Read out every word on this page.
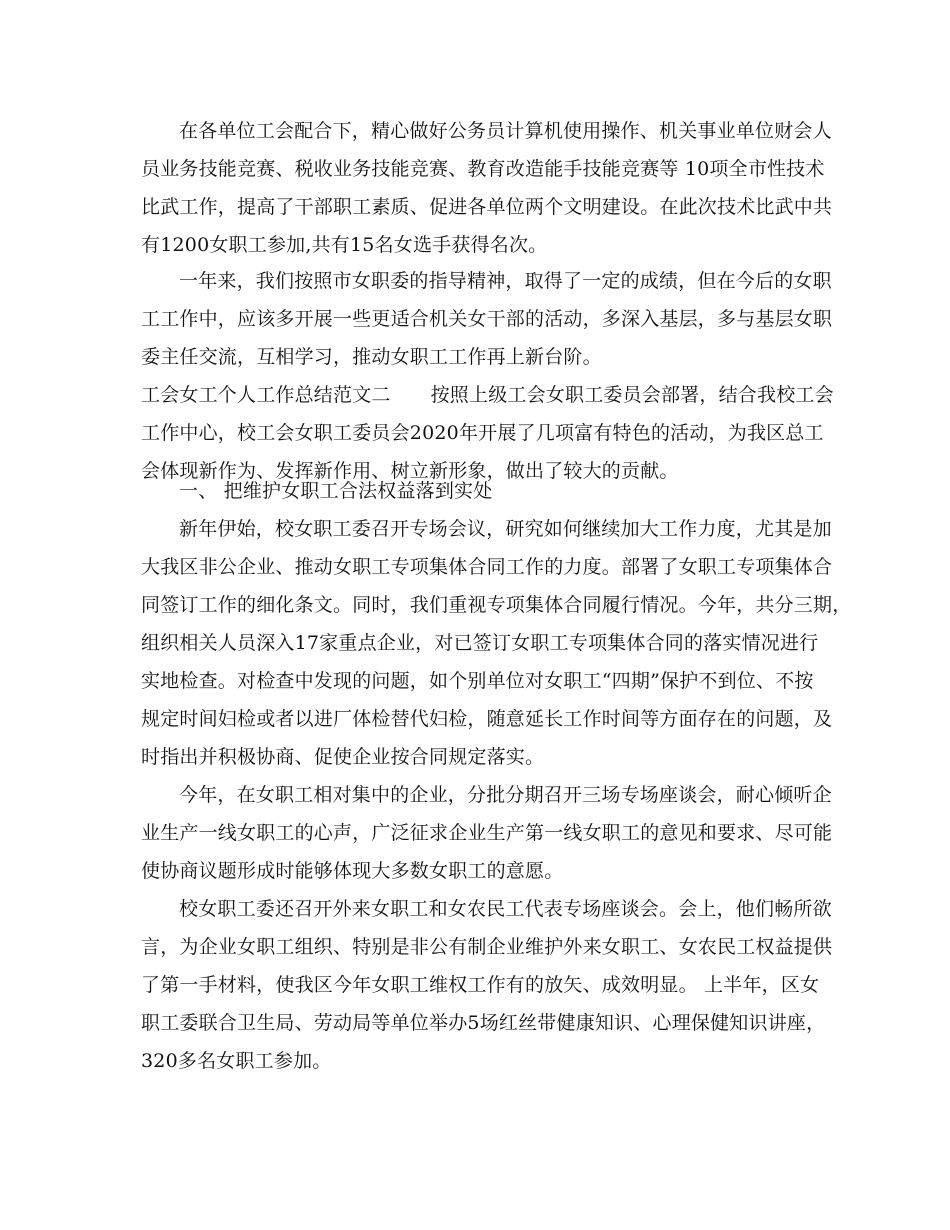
在各单位工会配合下，精心做好公务员计算机使用操作、机关事业单位财会人
员业务技能竞赛、税收业务技能竞赛、教育改造能手技能竞赛等 10项全市性技术
比武工作，提高了干部职工素质、促进各单位两个文明建设。在此次技术比武中共
有1200女职工参加,共有15名女选手获得名次。
一年来，我们按照市女职委的指导精神，取得了一定的成绩，但在今后的女职
工工作中，应该多开展一些更适合机关女干部的活动，多深入基层，多与基层女职
委主任交流，互相学习，推动女职工工作再上新台阶。
工会女工个人工作总结范文二 按照上级工会女职工委员会部署，结合我校工会
工作中心，校工会女职工委员会2020年开展了几项富有特色的活动，为我区总工
会体现新作为、发挥新作用、树立新形象，做出了较大的贡献。
一、 把维护女职工合法权益落到实处
新年伊始，校女职工委召开专场会议，研究如何继续加大工作力度，尤其是加
大我区非公企业、推动女职工专项集体合同工作的力度。部署了女职工专项集体合
同签订工作的细化条文。同时，我们重视专项集体合同履行情况。今年，共分三期，
组织相关人员深入17家重点企业，对已签订女职工专项集体合同的落实情况进行
实地检查。对检查中发现的问题，如个别单位对女职工“四期”保护不到位、不按
规定时间妇检或者以进厂体检替代妇检，随意延长工作时间等方面存在的问题，及
时指出并积极协商、促使企业按合同规定落实。
今年，在女职工相对集中的企业，分批分期召开三场专场座谈会，耐心倾听企
业生产一线女职工的心声，广泛征求企业生产第一线女职工的意见和要求、尽可能
使协商议题形成时能够体现大多数女职工的意愿。
校女职工委还召开外来女职工和女农民工代表专场座谈会。会上，他们畅所欲
言，为企业女职工组织、特别是非公有制企业维护外来女职工、女农民工权益提供
了第一手材料，使我区今年女职工维权工作有的放矢、成效明显。 上半年，区女
职工委联合卫生局、劳动局等单位举办5场红丝带健康知识、心理保健知识讲座，
320多名女职工参加。
